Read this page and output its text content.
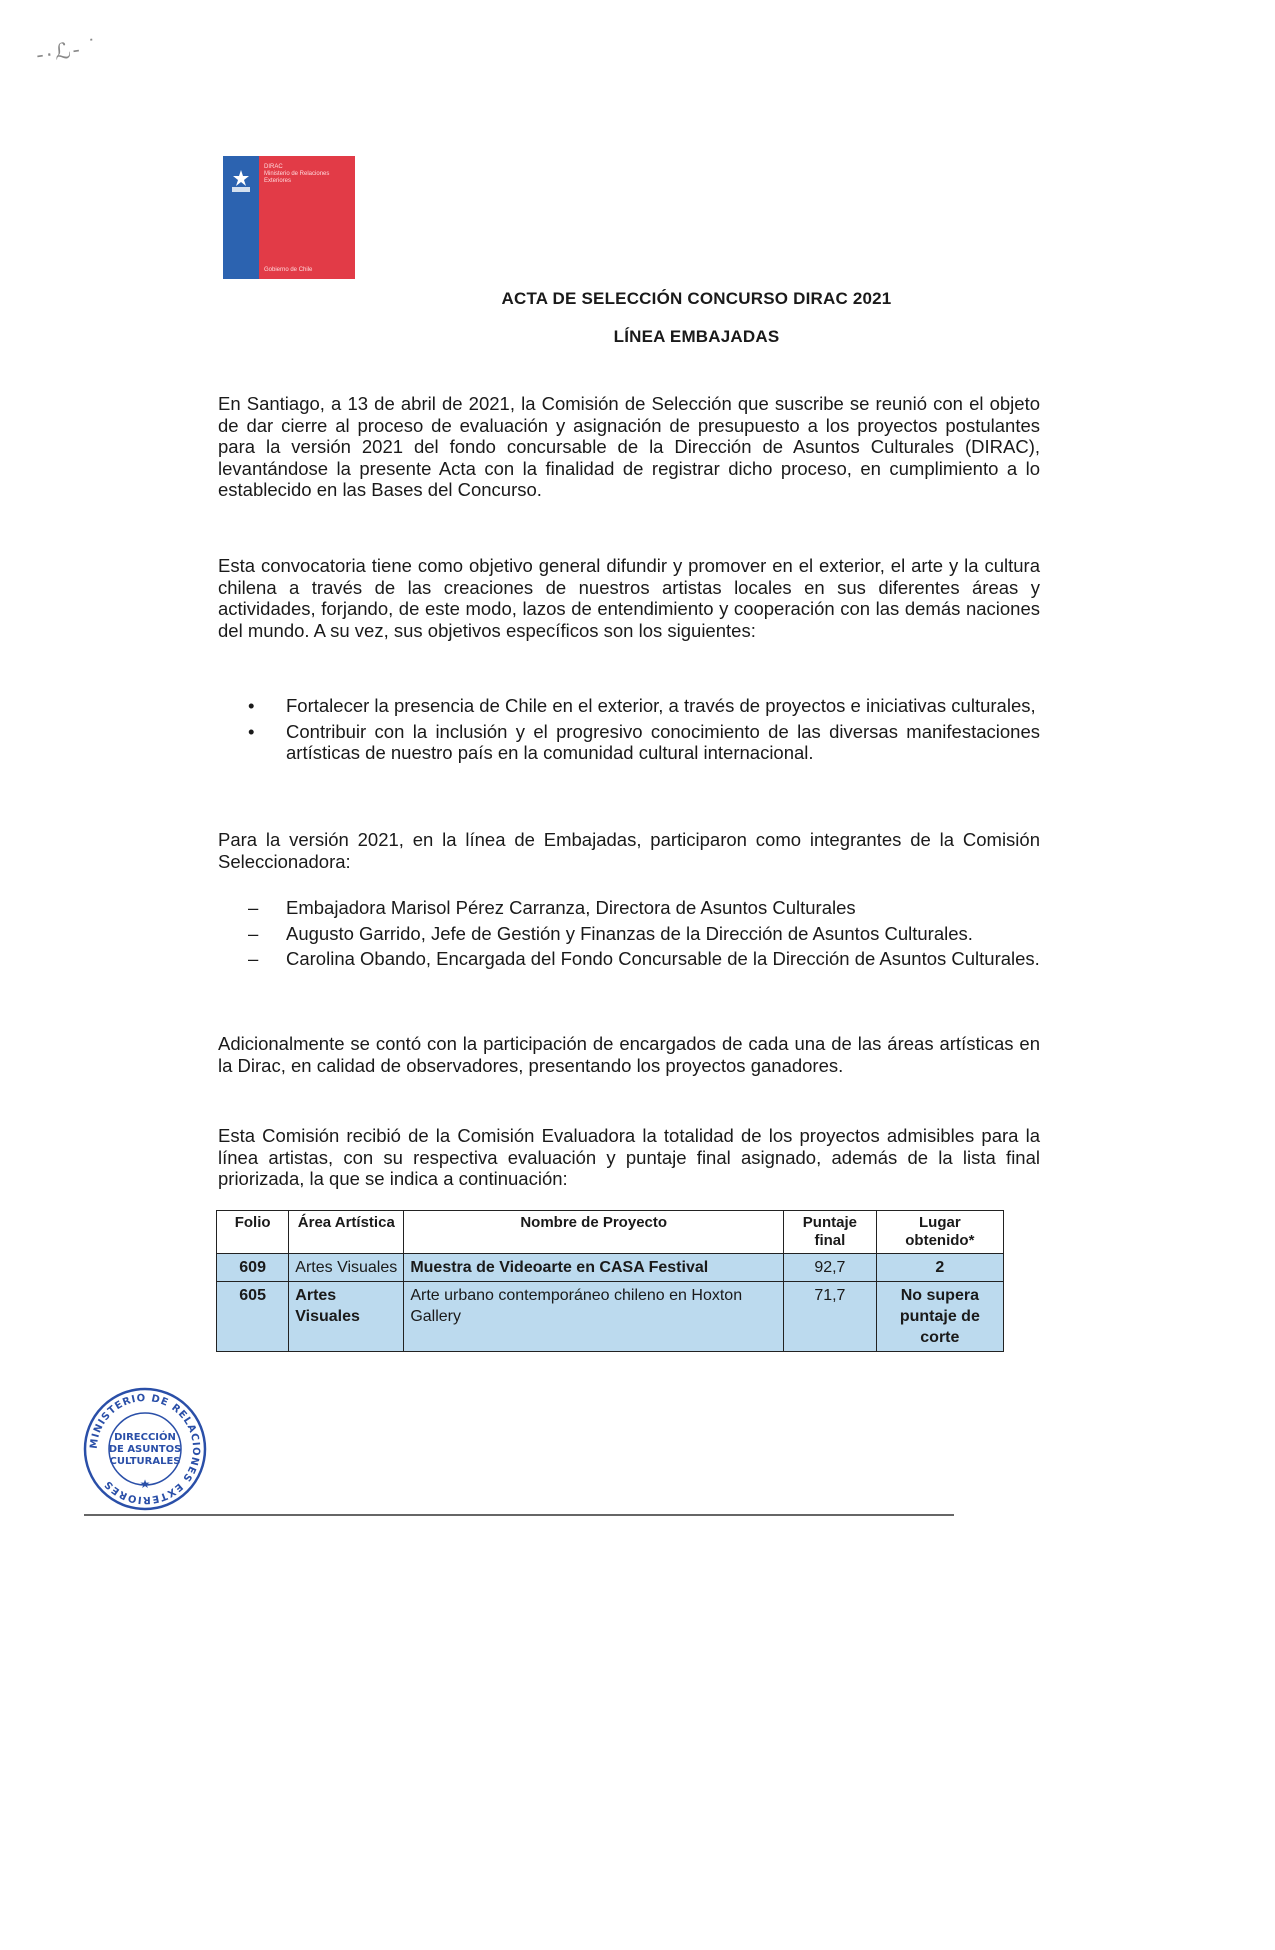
-·ℒ- ˙
DIRAC
Ministerio de Relaciones Exteriores
Gobierno de Chile
ACTA DE SELECCIÓN CONCURSO DIRAC 2021
LÍNEA EMBAJADAS

En Santiago, a 13 de abril de 2021, la Comisión de Selección que suscribe se reunió con el objeto de dar cierre al proceso de evaluación y asignación de presupuesto a los proyectos postulantes para la versión 2021 del fondo concursable de la Dirección de Asuntos Culturales (DIRAC), levantándose la presente Acta con la finalidad de registrar dicho proceso, en cumplimiento a lo establecido en las Bases del Concurso.

Esta convocatoria tiene como objetivo general difundir y promover en el exterior, el arte y la cultura chilena a través de las creaciones de nuestros artistas locales en sus diferentes áreas y actividades, forjando, de este modo, lazos de entendimiento y cooperación con las demás naciones del mundo. A su vez, sus objetivos específicos son los siguientes:

• Fortalecer la presencia de Chile en el exterior, a través de proyectos e iniciativas culturales,
• Contribuir con la inclusión y el progresivo conocimiento de las diversas manifestaciones artísticas de nuestro país en la comunidad cultural internacional.

Para la versión 2021, en la línea de Embajadas, participaron como integrantes de la Comisión Seleccionadora:

– Embajadora Marisol Pérez Carranza, Directora de Asuntos Culturales
– Augusto Garrido, Jefe de Gestión y Finanzas de la Dirección de Asuntos Culturales.
– Carolina Obando, Encargada del Fondo Concursable de la Dirección de Asuntos Culturales.

Adicionalmente se contó con la participación de encargados de cada una de las áreas artísticas en la Dirac, en calidad de observadores, presentando los proyectos ganadores.

Esta Comisión recibió de la Comisión Evaluadora la totalidad de los proyectos admisibles para la línea artistas, con su respectiva evaluación y puntaje final asignado, además de la lista final priorizada, la que se indica a continuación:

Folio	Área Artística	Nombre de Proyecto	Puntaje final	Lugar obtenido*
609	Artes Visuales	Muestra de Videoarte en CASA Festival	92,7	2
605	Artes Visuales	Arte urbano contemporáneo chileno en Hoxton Gallery	71,7	No supera puntaje de corte
MINISTERIO DE RELACIONES EXTERIORES
DIRECCIÓN
DE ASUNTOS
CULTURALES
★
